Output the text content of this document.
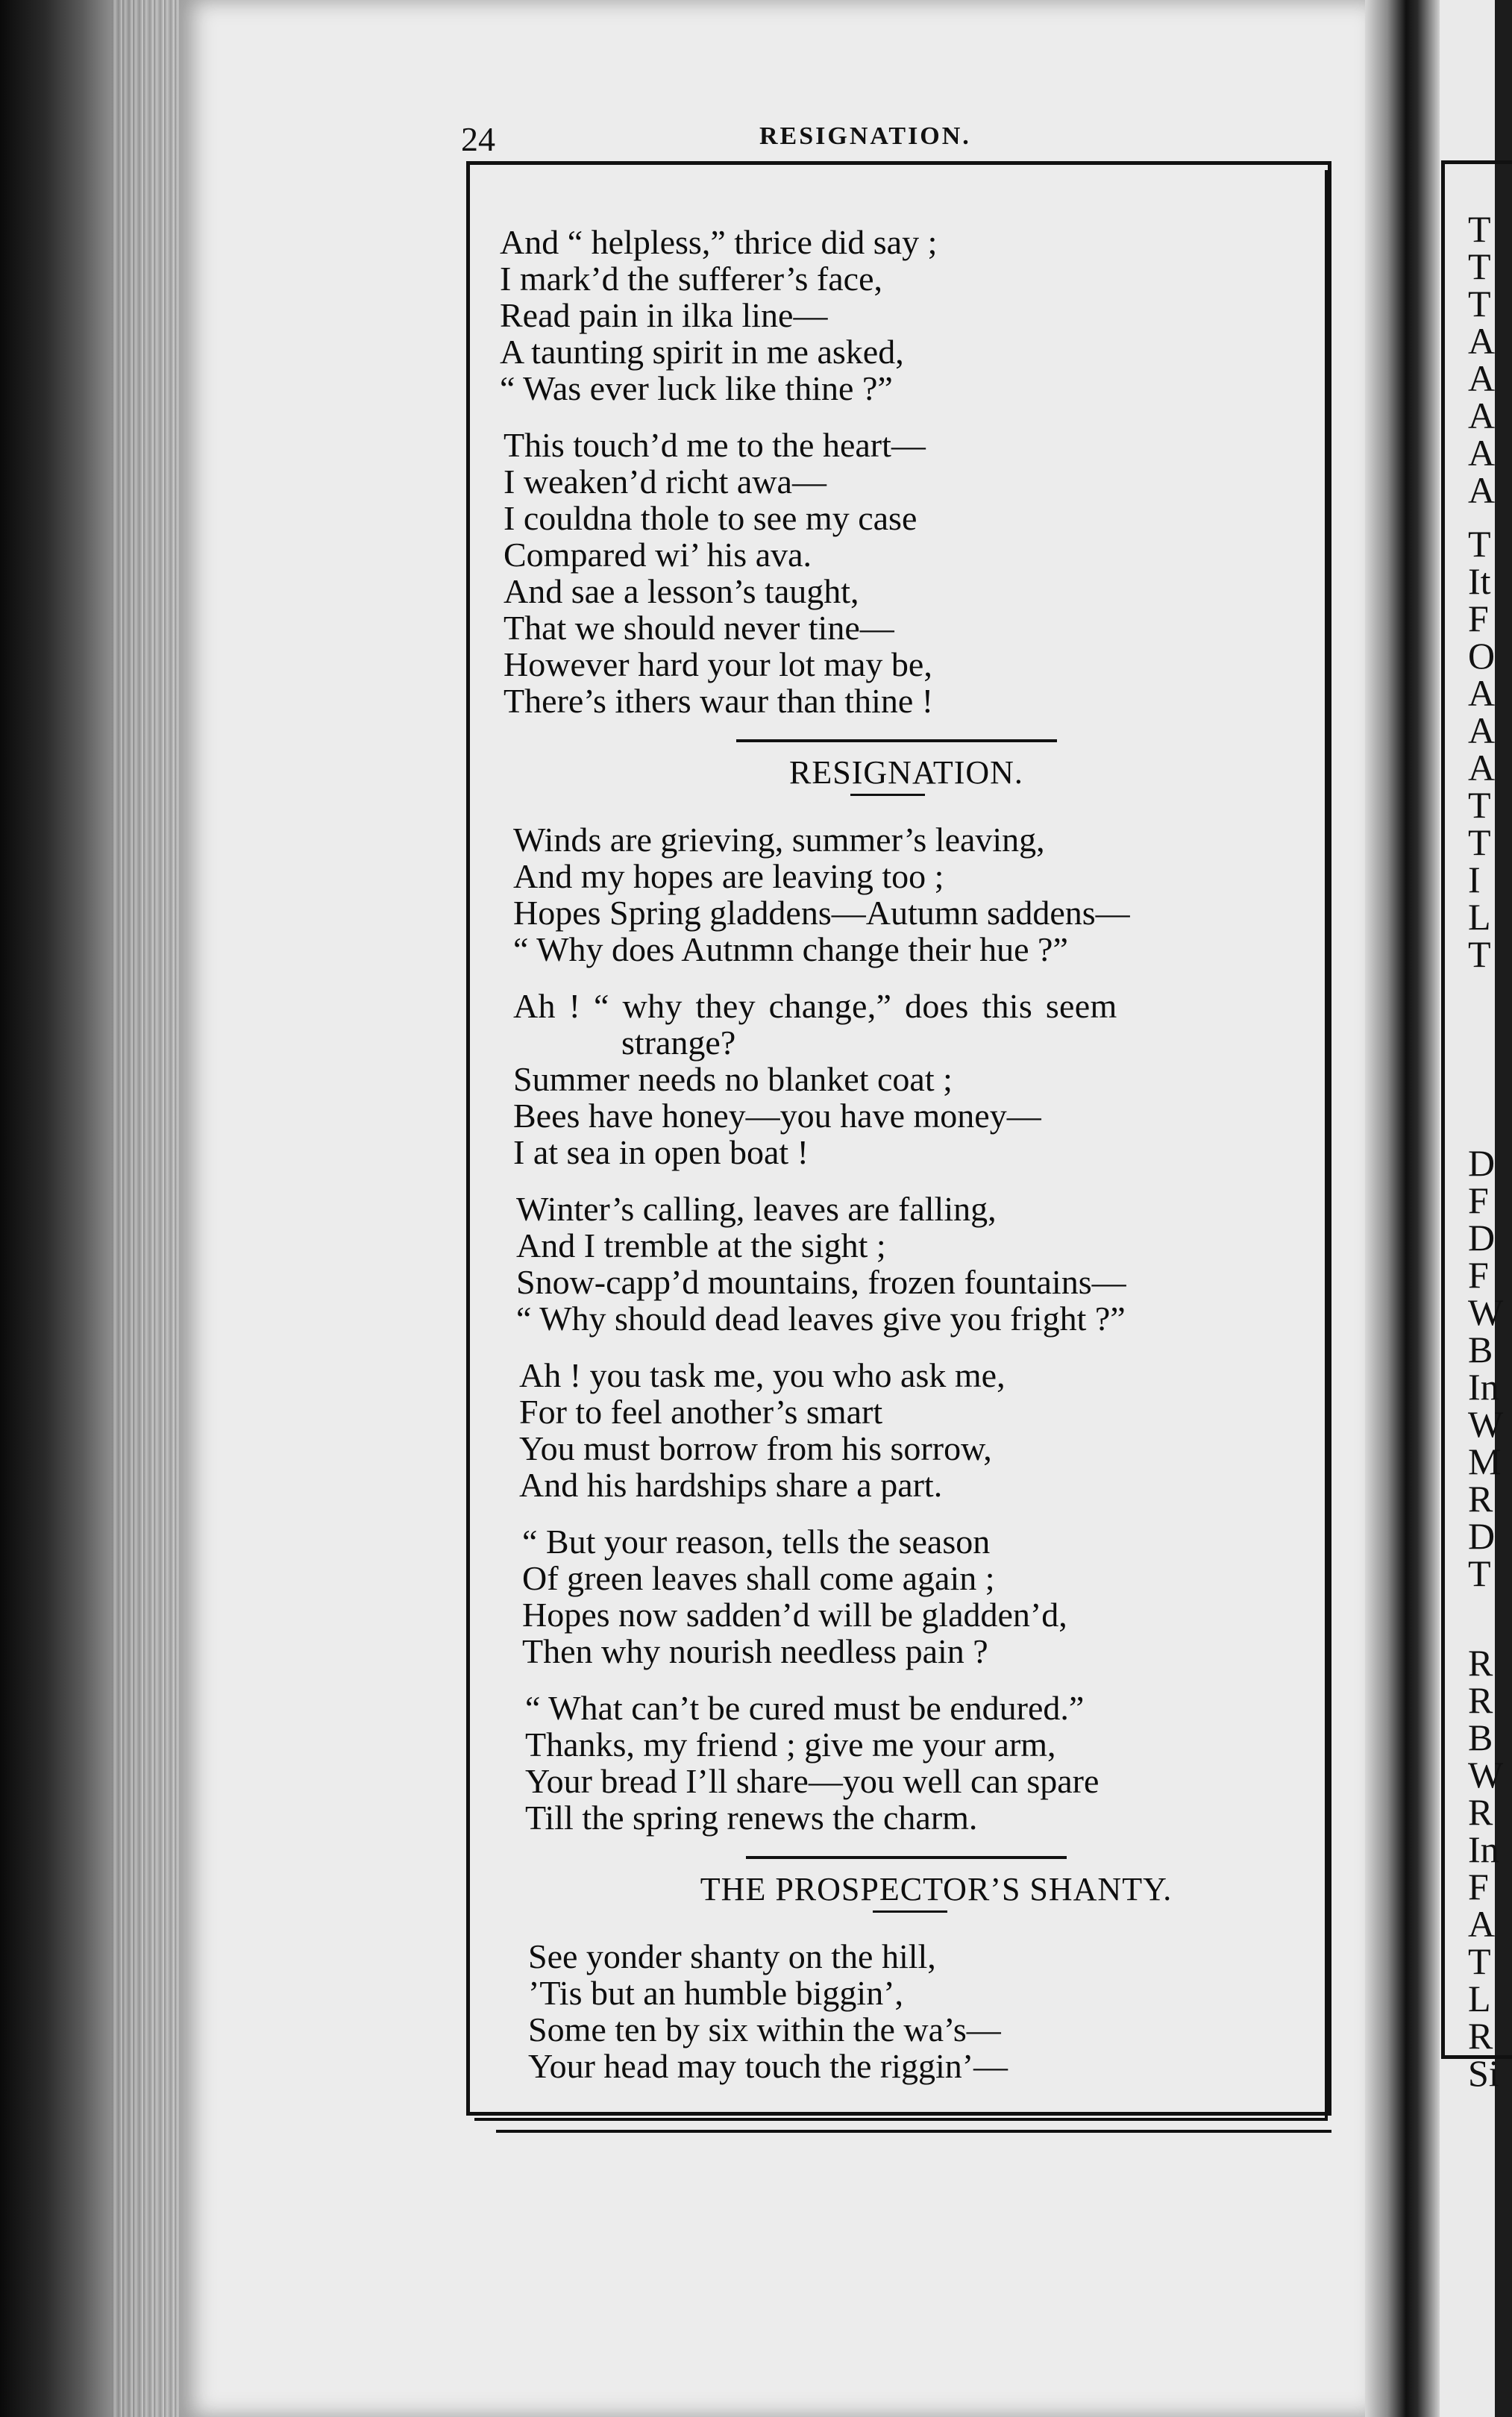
T
T
T
A
A
A
A
A
T
It
F
O
A
A
A
T
T
I
L
T
D
F
D
F
W
B
In
W
M
R
D
T
R
R
B
W
R
In
F
A
T
L
R
Si
24	RESIGNATION.
And “ helpless,” thrice did say ;
I mark’d the sufferer’s face,
Read pain in ilka line—
A taunting spirit in me asked,
“ Was ever luck like thine ?”
This touch’d me to the heart—
I weaken’d richt awa—
I couldna thole to see my case
Compared wi’ his ava.
And sae a lesson’s taught,
That we should never tine—
However hard your lot may be,
There’s ithers waur than thine !
RESIGNATION.
Winds are grieving, summer’s leaving,
And my hopes are leaving too ;
Hopes Spring gladdens—Autumn saddens—
“ Why does Autnmn change their hue ?”
Ah ! “ why they change,” does this seem
strange?
Summer needs no blanket coat ;
Bees have honey—you have money—
I at sea in open boat !
Winter’s calling, leaves are falling,
And I tremble at the sight ;
Snow-capp’d mountains, frozen fountains—
“ Why should dead leaves give you fright ?”
Ah ! you task me, you who ask me,
For to feel another’s smart
You must borrow from his sorrow,
And his hardships share a part.
“ But your reason, tells the season
Of green leaves shall come again ;
Hopes now sadden’d will be gladden’d,
Then why nourish needless pain ?
“ What can’t be cured must be endured.”
Thanks, my friend ; give me your arm,
Your bread I’ll share—you well can spare
Till the spring renews the charm.
THE PROSPECTOR’S SHANTY.
See yonder shanty on the hill,
’Tis but an humble biggin’,
Some ten by six within the wa’s—
Your head may touch the riggin’—
